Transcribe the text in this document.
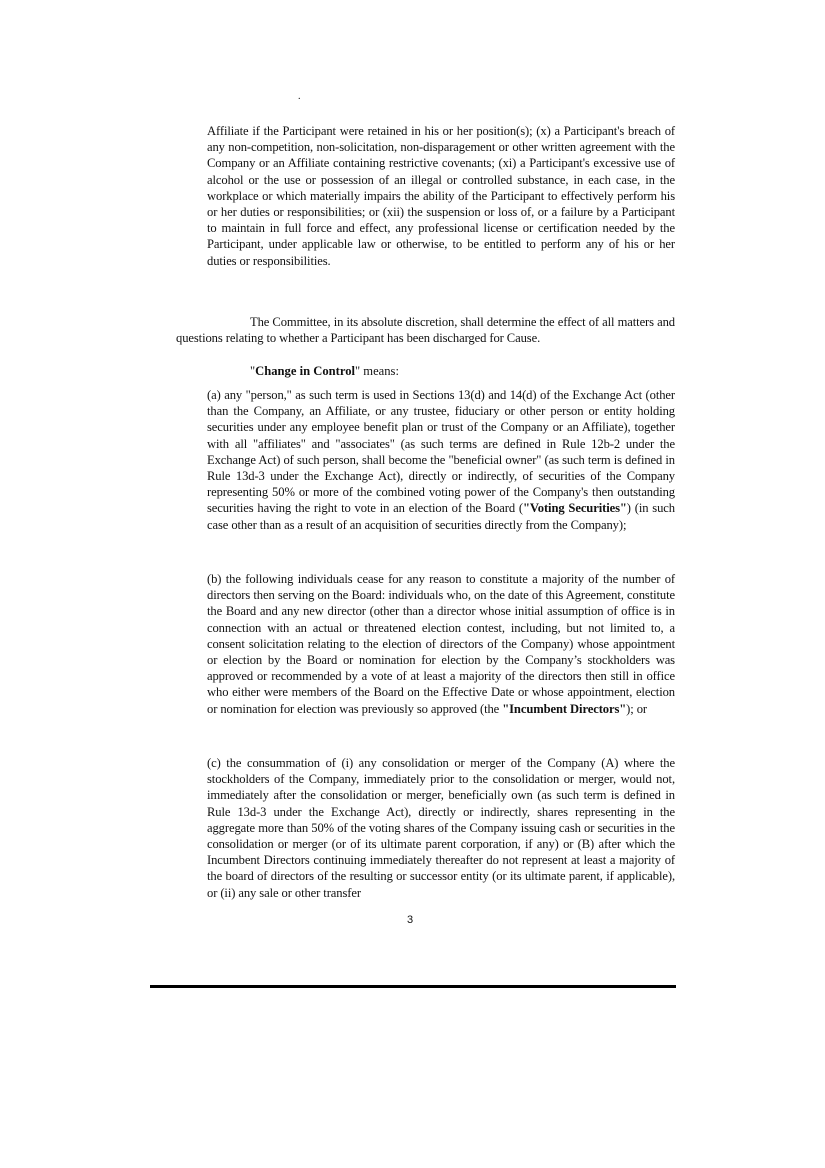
.
Affiliate if the Participant were retained in his or her position(s); (x) a Participant's breach of any non-competition, non-solicitation, non-disparagement or other written agreement with the Company or an Affiliate containing restrictive covenants; (xi) a Participant's excessive use of alcohol or the use or possession of an illegal or controlled substance, in each case, in the workplace or which materially impairs the ability of the Participant to effectively perform his or her duties or responsibilities; or (xii) the suspension or loss of, or a failure by a Participant to maintain in full force and effect, any professional license or certification needed by the Participant, under applicable law or otherwise, to be entitled to perform any of his or her duties or responsibilities.
The Committee, in its absolute discretion, shall determine the effect of all matters and questions relating to whether a Participant has been discharged for Cause.
"Change in Control" means:
(a) any "person," as such term is used in Sections 13(d) and 14(d) of the Exchange Act (other than the Company, an Affiliate, or any trustee, fiduciary or other person or entity holding securities under any employee benefit plan or trust of the Company or an Affiliate), together with all "affiliates" and "associates" (as such terms are defined in Rule 12b-2 under the Exchange Act) of such person, shall become the "beneficial owner" (as such term is defined in Rule 13d-3 under the Exchange Act), directly or indirectly, of securities of the Company representing 50% or more of the combined voting power of the Company's then outstanding securities having the right to vote in an election of the Board ("Voting Securities") (in such case other than as a result of an acquisition of securities directly from the Company);
(b) the following individuals cease for any reason to constitute a majority of the number of directors then serving on the Board: individuals who, on the date of this Agreement, constitute the Board and any new director (other than a director whose initial assumption of office is in connection with an actual or threatened election contest, including, but not limited to, a consent solicitation relating to the election of directors of the Company) whose appointment or election by the Board or nomination for election by the Company’s stockholders was approved or recommended by a vote of at least a majority of the directors then still in office who either were members of the Board on the Effective Date or whose appointment, election or nomination for election was previously so approved (the "Incumbent Directors"); or
(c) the consummation of (i) any consolidation or merger of the Company (A) where the stockholders of the Company, immediately prior to the consolidation or merger, would not, immediately after the consolidation or merger, beneficially own (as such term is defined in Rule 13d-3 under the Exchange Act), directly or indirectly, shares representing in the aggregate more than 50% of the voting shares of the Company issuing cash or securities in the consolidation or merger (or of its ultimate parent corporation, if any) or (B) after which the Incumbent Directors continuing immediately thereafter do not represent at least a majority of the board of directors of the resulting or successor entity (or its ultimate parent, if applicable), or (ii) any sale or other transfer
3
